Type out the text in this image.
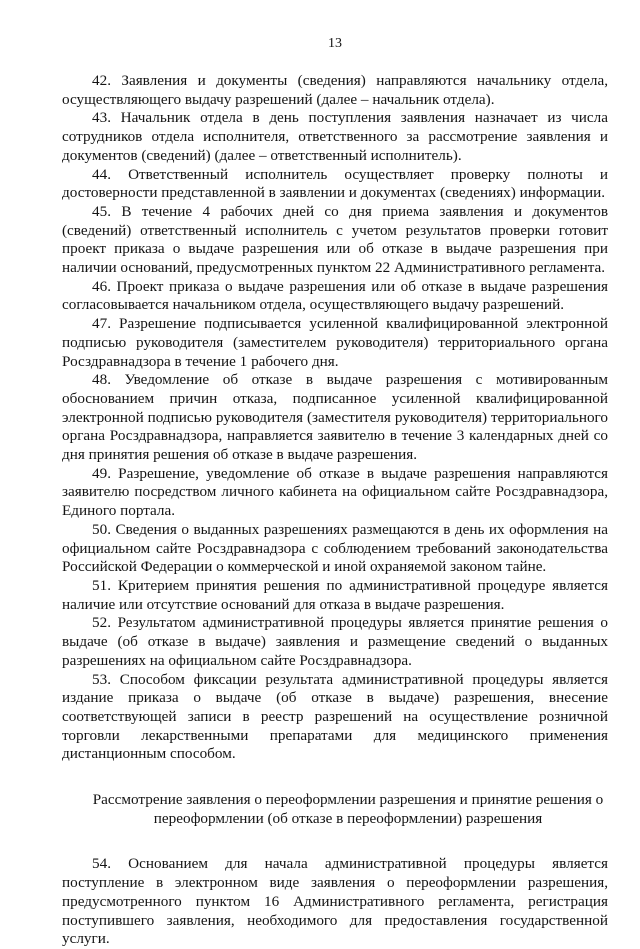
13

42. Заявления и документы (сведения) направляются начальнику отдела, осуществляющего выдачу разрешений (далее – начальник отдела).

43. Начальник отдела в день поступления заявления назначает из числа сотрудников отдела исполнителя, ответственного за рассмотрение заявления и документов (сведений) (далее – ответственный исполнитель).

44. Ответственный исполнитель осуществляет проверку полноты и достоверности представленной в заявлении и документах (сведениях) информации.

45. В течение 4 рабочих дней со дня приема заявления и документов (сведений) ответственный исполнитель с учетом результатов проверки готовит проект приказа о выдаче разрешения или об отказе в выдаче разрешения при наличии оснований, предусмотренных пунктом 22 Административного регламента.

46. Проект приказа о выдаче разрешения или об отказе в выдаче разрешения согласовывается начальником отдела, осуществляющего выдачу разрешений.

47. Разрешение подписывается усиленной квалифицированной электронной подписью руководителя (заместителем руководителя) территориального органа Росздравнадзора в течение 1 рабочего дня.

48. Уведомление об отказе в выдаче разрешения с мотивированным обоснованием причин отказа, подписанное усиленной квалифицированной электронной подписью руководителя (заместителя руководителя) территориального органа Росздравнадзора, направляется заявителю в течение 3 календарных дней со дня принятия решения об отказе в выдаче разрешения.

49. Разрешение, уведомление об отказе в выдаче разрешения направляются заявителю посредством личного кабинета на официальном сайте Росздравнадзора, Единого портала.

50. Сведения о выданных разрешениях размещаются в день их оформления на официальном сайте Росздравнадзора с соблюдением требований законодательства Российской Федерации о коммерческой и иной охраняемой законом тайне.

51. Критерием принятия решения по административной процедуре является наличие или отсутствие оснований для отказа в выдаче разрешения.

52. Результатом административной процедуры является принятие решения о выдаче (об отказе в выдаче) заявления и размещение сведений о выданных разрешениях на официальном сайте Росздравнадзора.

53. Способом фиксации результата административной процедуры является издание приказа о выдаче (об отказе в выдаче) разрешения, внесение соответствующей записи в реестр разрешений на осуществление розничной торговли лекарственными препаратами для медицинского применения дистанционным способом.

Рассмотрение заявления о переоформлении разрешения и принятие решения о переоформлении (об отказе в переоформлении) разрешения

54. Основанием для начала административной процедуры является поступление в электронном виде заявления о переоформлении разрешения, предусмотренного пунктом 16 Административного регламента, регистрация поступившего заявления, необходимого для предоставления государственной услуги.
